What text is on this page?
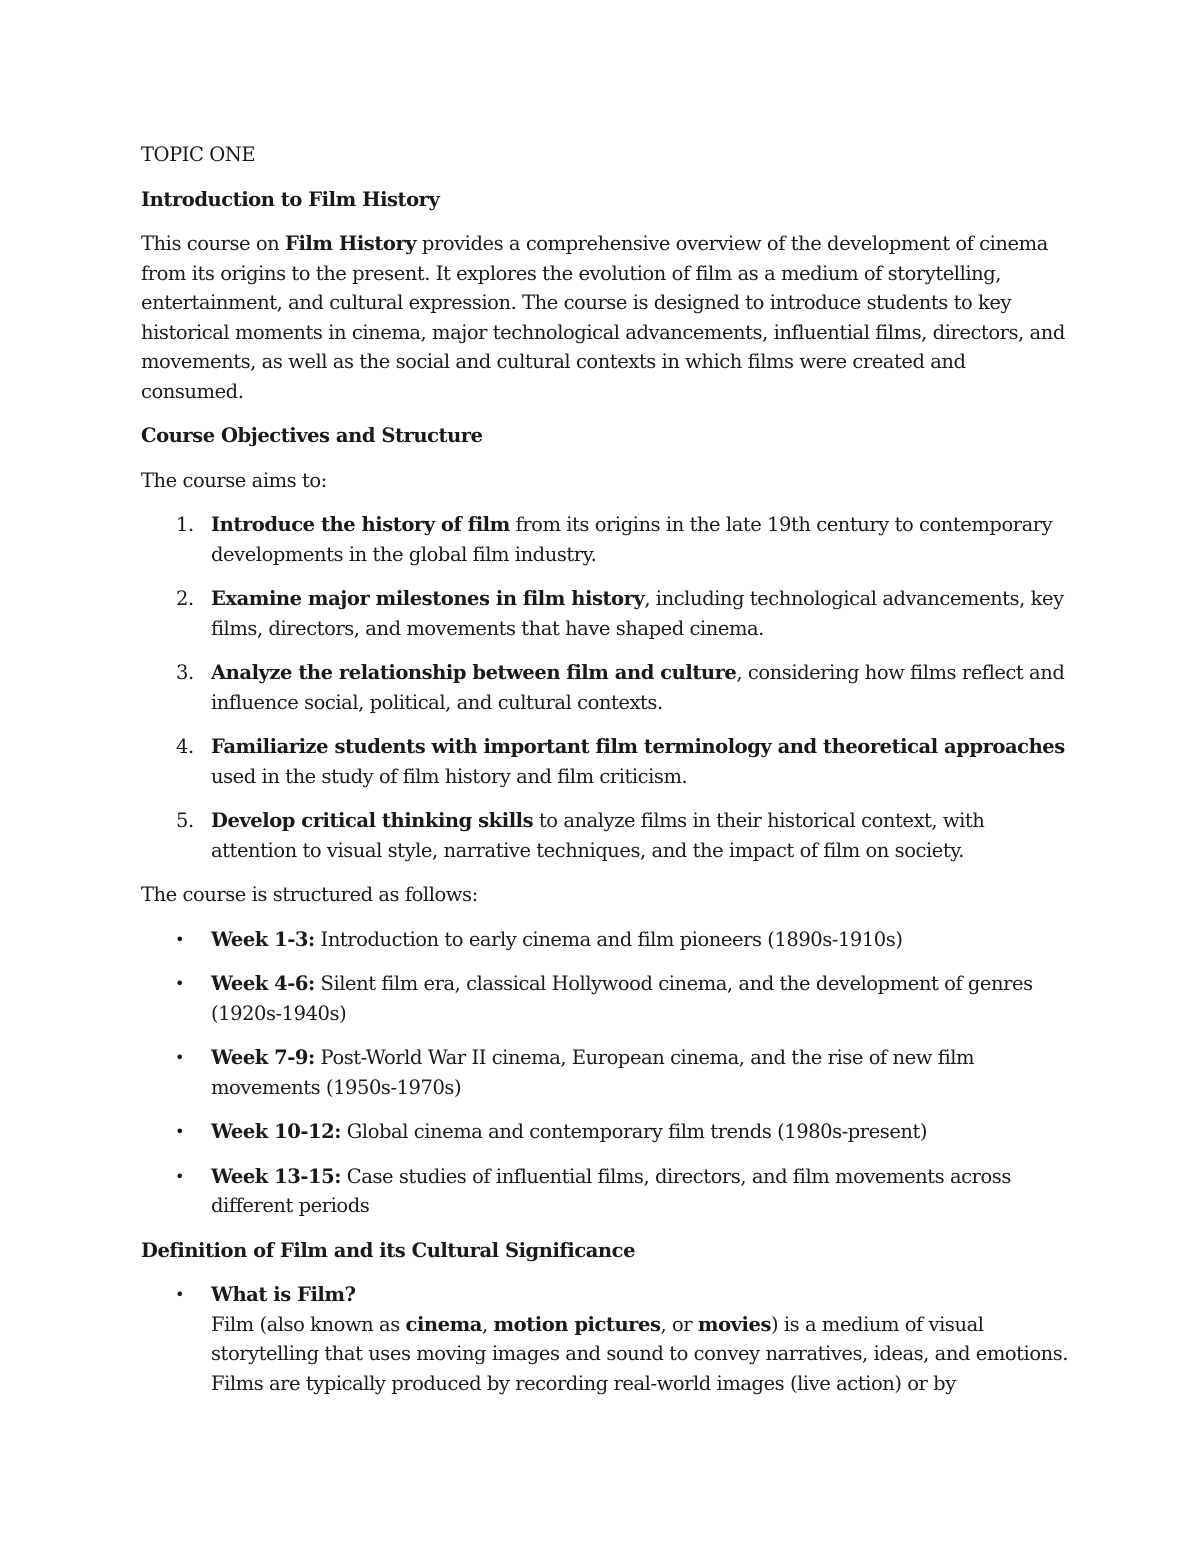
TOPIC ONE

Introduction to Film History

This course on Film History provides a comprehensive overview of the development of cinema from its origins to the present. It explores the evolution of film as a medium of storytelling, entertainment, and cultural expression. The course is designed to introduce students to key historical moments in cinema, major technological advancements, influential films, directors, and movements, as well as the social and cultural contexts in which films were created and consumed.

Course Objectives and Structure

The course aims to:

1. Introduce the history of film from its origins in the late 19th century to contemporary developments in the global film industry.
2. Examine major milestones in film history, including technological advancements, key films, directors, and movements that have shaped cinema.
3. Analyze the relationship between film and culture, considering how films reflect and influence social, political, and cultural contexts.
4. Familiarize students with important film terminology and theoretical approaches used in the study of film history and film criticism.
5. Develop critical thinking skills to analyze films in their historical context, with attention to visual style, narrative techniques, and the impact of film on society.

The course is structured as follows:

• Week 1-3: Introduction to early cinema and film pioneers (1890s-1910s)
• Week 4-6: Silent film era, classical Hollywood cinema, and the development of genres (1920s-1940s)
• Week 7-9: Post-World War II cinema, European cinema, and the rise of new film movements (1950s-1970s)
• Week 10-12: Global cinema and contemporary film trends (1980s-present)
• Week 13-15: Case studies of influential films, directors, and film movements across different periods

Definition of Film and its Cultural Significance

• What is Film?
Film (also known as cinema, motion pictures, or movies) is a medium of visual storytelling that uses moving images and sound to convey narratives, ideas, and emotions. Films are typically produced by recording real-world images (live action) or by
